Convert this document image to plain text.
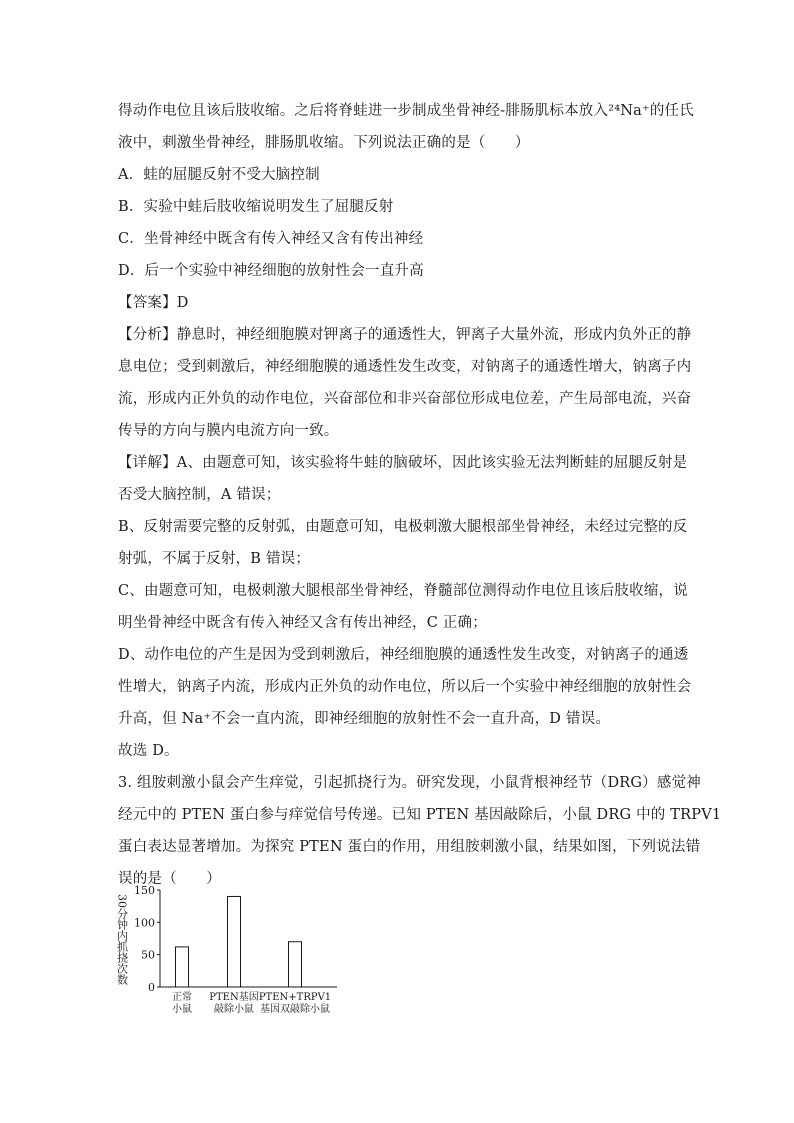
得动作电位且该后肢收缩。之后将脊蛙进一步制成坐骨神经-腓肠肌标本放入²⁴Na⁺的任氏
液中，刺激坐骨神经，腓肠肌收缩。下列说法正确的是（　　）
A．蛙的屈腿反射不受大脑控制
B．实验中蛙后肢收缩说明发生了屈腿反射
C．坐骨神经中既含有传入神经又含有传出神经
D．后一个实验中神经细胞的放射性会一直升高
【答案】D
【分析】静息时，神经细胞膜对钾离子的通透性大，钾离子大量外流，形成内负外正的静
息电位；受到刺激后，神经细胞膜的通透性发生改变，对钠离子的通透性增大，钠离子内
流，形成内正外负的动作电位，兴奋部位和非兴奋部位形成电位差，产生局部电流，兴奋
传导的方向与膜内电流方向一致。
【详解】A、由题意可知，该实验将牛蛙的脑破坏，因此该实验无法判断蛙的屈腿反射是
否受大脑控制，A 错误；
B、反射需要完整的反射弧，由题意可知，电极刺激大腿根部坐骨神经，未经过完整的反
射弧，不属于反射，B 错误；
C、由题意可知，电极刺激大腿根部坐骨神经，脊髓部位测得动作电位且该后肢收缩，说
明坐骨神经中既含有传入神经又含有传出神经，C 正确；
D、动作电位的产生是因为受到刺激后，神经细胞膜的通透性发生改变，对钠离子的通透
性增大，钠离子内流，形成内正外负的动作电位，所以后一个实验中神经细胞的放射性会
升高，但 Na⁺不会一直内流，即神经细胞的放射性不会一直升高，D 错误。
故选 D。
3. 组胺刺激小鼠会产生痒觉，引起抓挠行为。研究发现，小鼠背根神经节（DRG）感觉神
经元中的 PTEN 蛋白参与痒觉信号传递。已知 PTEN 基因敲除后，小鼠 DRG 中的 TRPV1
蛋白表达显著增加。为探究 PTEN 蛋白的作用，用组胺刺激小鼠，结果如图，下列说法错
误的是（　　）
0
50
100
150
30分钟内抓挠次数
正常
小鼠
PTEN基因
敲除小鼠
PTEN+TRPV1
基因双敲除小鼠
